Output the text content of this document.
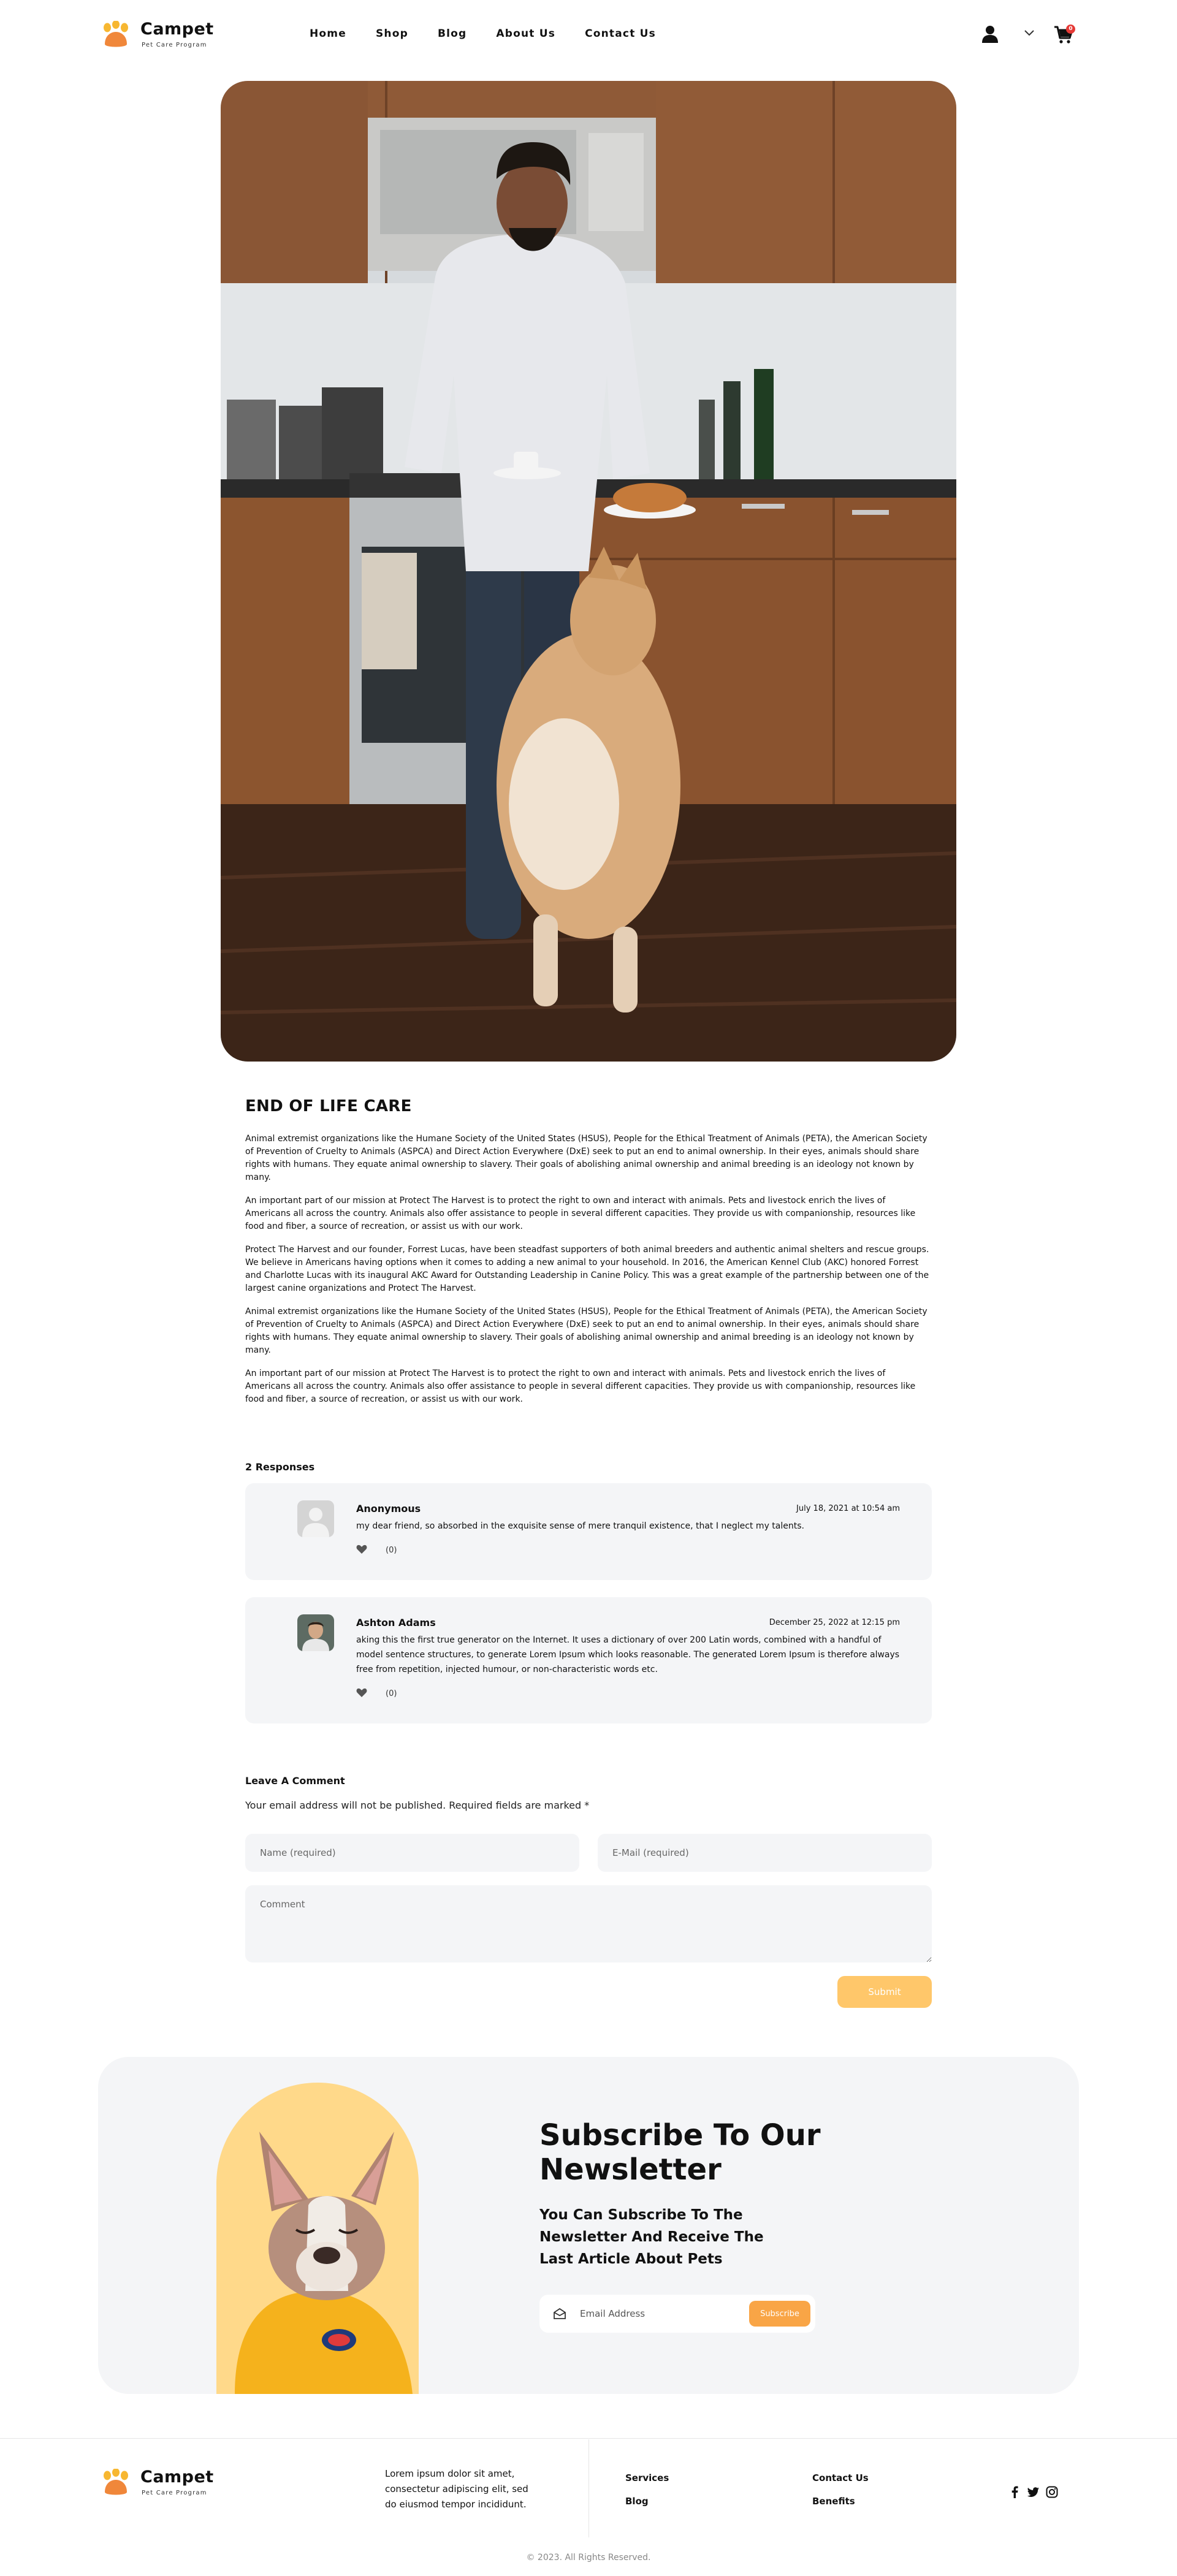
Campet
Pet Care Program
Home	Shop	Blog	About Us	Contact Us	0
END OF LIFE CARE

Animal extremist organizations like the Humane Society of the United States (HSUS), People for the Ethical Treatment of Animals (PETA), the American Society of Prevention of Cruelty to Animals (ASPCA) and Direct Action Everywhere (DxE) seek to put an end to animal ownership. In their eyes, animals should share rights with humans. They equate animal ownership to slavery. Their goals of abolishing animal ownership and animal breeding is an ideology not known by many.

An important part of our mission at Protect The Harvest is to protect the right to own and interact with animals. Pets and livestock enrich the lives of Americans all across the country. Animals also offer assistance to people in several different capacities. They provide us with companionship, resources like food and fiber, a source of recreation, or assist us with our work.

Protect The Harvest and our founder, Forrest Lucas, have been steadfast supporters of both animal breeders and authentic animal shelters and rescue groups. We believe in Americans having options when it comes to adding a new animal to your household. In 2016, the American Kennel Club (AKC) honored Forrest and Charlotte Lucas with its inaugural AKC Award for Outstanding Leadership in Canine Policy. This was a great example of the partnership between one of the largest canine organizations and Protect The Harvest.

Animal extremist organizations like the Humane Society of the United States (HSUS), People for the Ethical Treatment of Animals (PETA), the American Society of Prevention of Cruelty to Animals (ASPCA) and Direct Action Everywhere (DxE) seek to put an end to animal ownership. In their eyes, animals should share rights with humans. They equate animal ownership to slavery. Their goals of abolishing animal ownership and animal breeding is an ideology not known by many.

An important part of our mission at Protect The Harvest is to protect the right to own and interact with animals. Pets and livestock enrich the lives of Americans all across the country. Animals also offer assistance to people in several different capacities. They provide us with companionship, resources like food and fiber, a source of recreation, or assist us with our work.

2 Responses
Anonymous	July 18, 2021 at 10:54 am
my dear friend, so absorbed in the exquisite sense of mere tranquil existence, that I neglect my talents.
(0)
Ashton Adams	December 25, 2022 at 12:15 pm
aking this the first true generator on the Internet. It uses a dictionary of over 200 Latin words, combined with a handful of model sentence structures, to generate Lorem Ipsum which looks reasonable. The generated Lorem Ipsum is therefore always free from repetition, injected humour, or non-characteristic words etc.
(0)
Leave A Comment
Your email address will not be published. Required fields are marked *
Name (required)
E-Mail (required)
Comment
Submit
Subscribe To Our Newsletter
You Can Subscribe To The Newsletter And Receive The Last Article About Pets
Email Address
Subscribe
Campet
Pet Care Program
Lorem ipsum dolor sit amet, consectetur adipiscing elit, sed do eiusmod tempor incididunt.
Services
Blog
Contact Us
Benefits
© 2023. All Rights Reserved.
